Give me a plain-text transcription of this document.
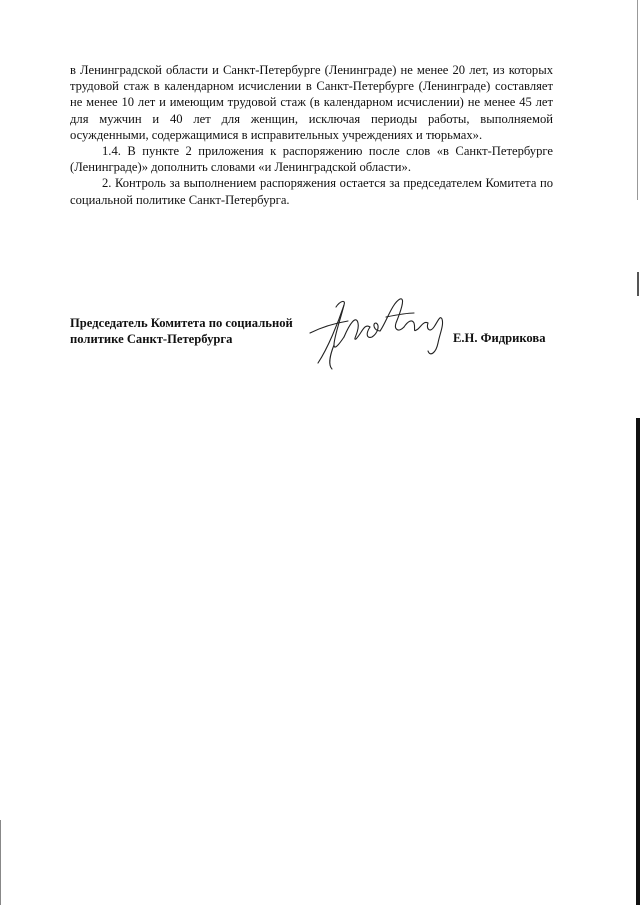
в Ленинградской области и Санкт-Петербурге (Ленинграде) не менее 20 лет, из которых трудовой стаж в календарном исчислении в Санкт-Петербурге (Ленинграде) составляет не менее 10 лет и имеющим трудовой стаж (в календарном исчислении) не менее 45 лет для мужчин и 40 лет для женщин, исключая периоды работы, выполняемой осужденными, содержащимися в исправительных учреждениях и тюрьмах».

1.4. В пункте 2 приложения к распоряжению после слов «в Санкт-Петербурге (Ленинграде)» дополнить словами «и Ленинградской области».

2. Контроль за выполнением распоряжения остается за председателем Комитета по социальной политике Санкт-Петербурга.

Председатель Комитета по социальной
политике Санкт-Петербурга	Е.Н. Фидрикова
